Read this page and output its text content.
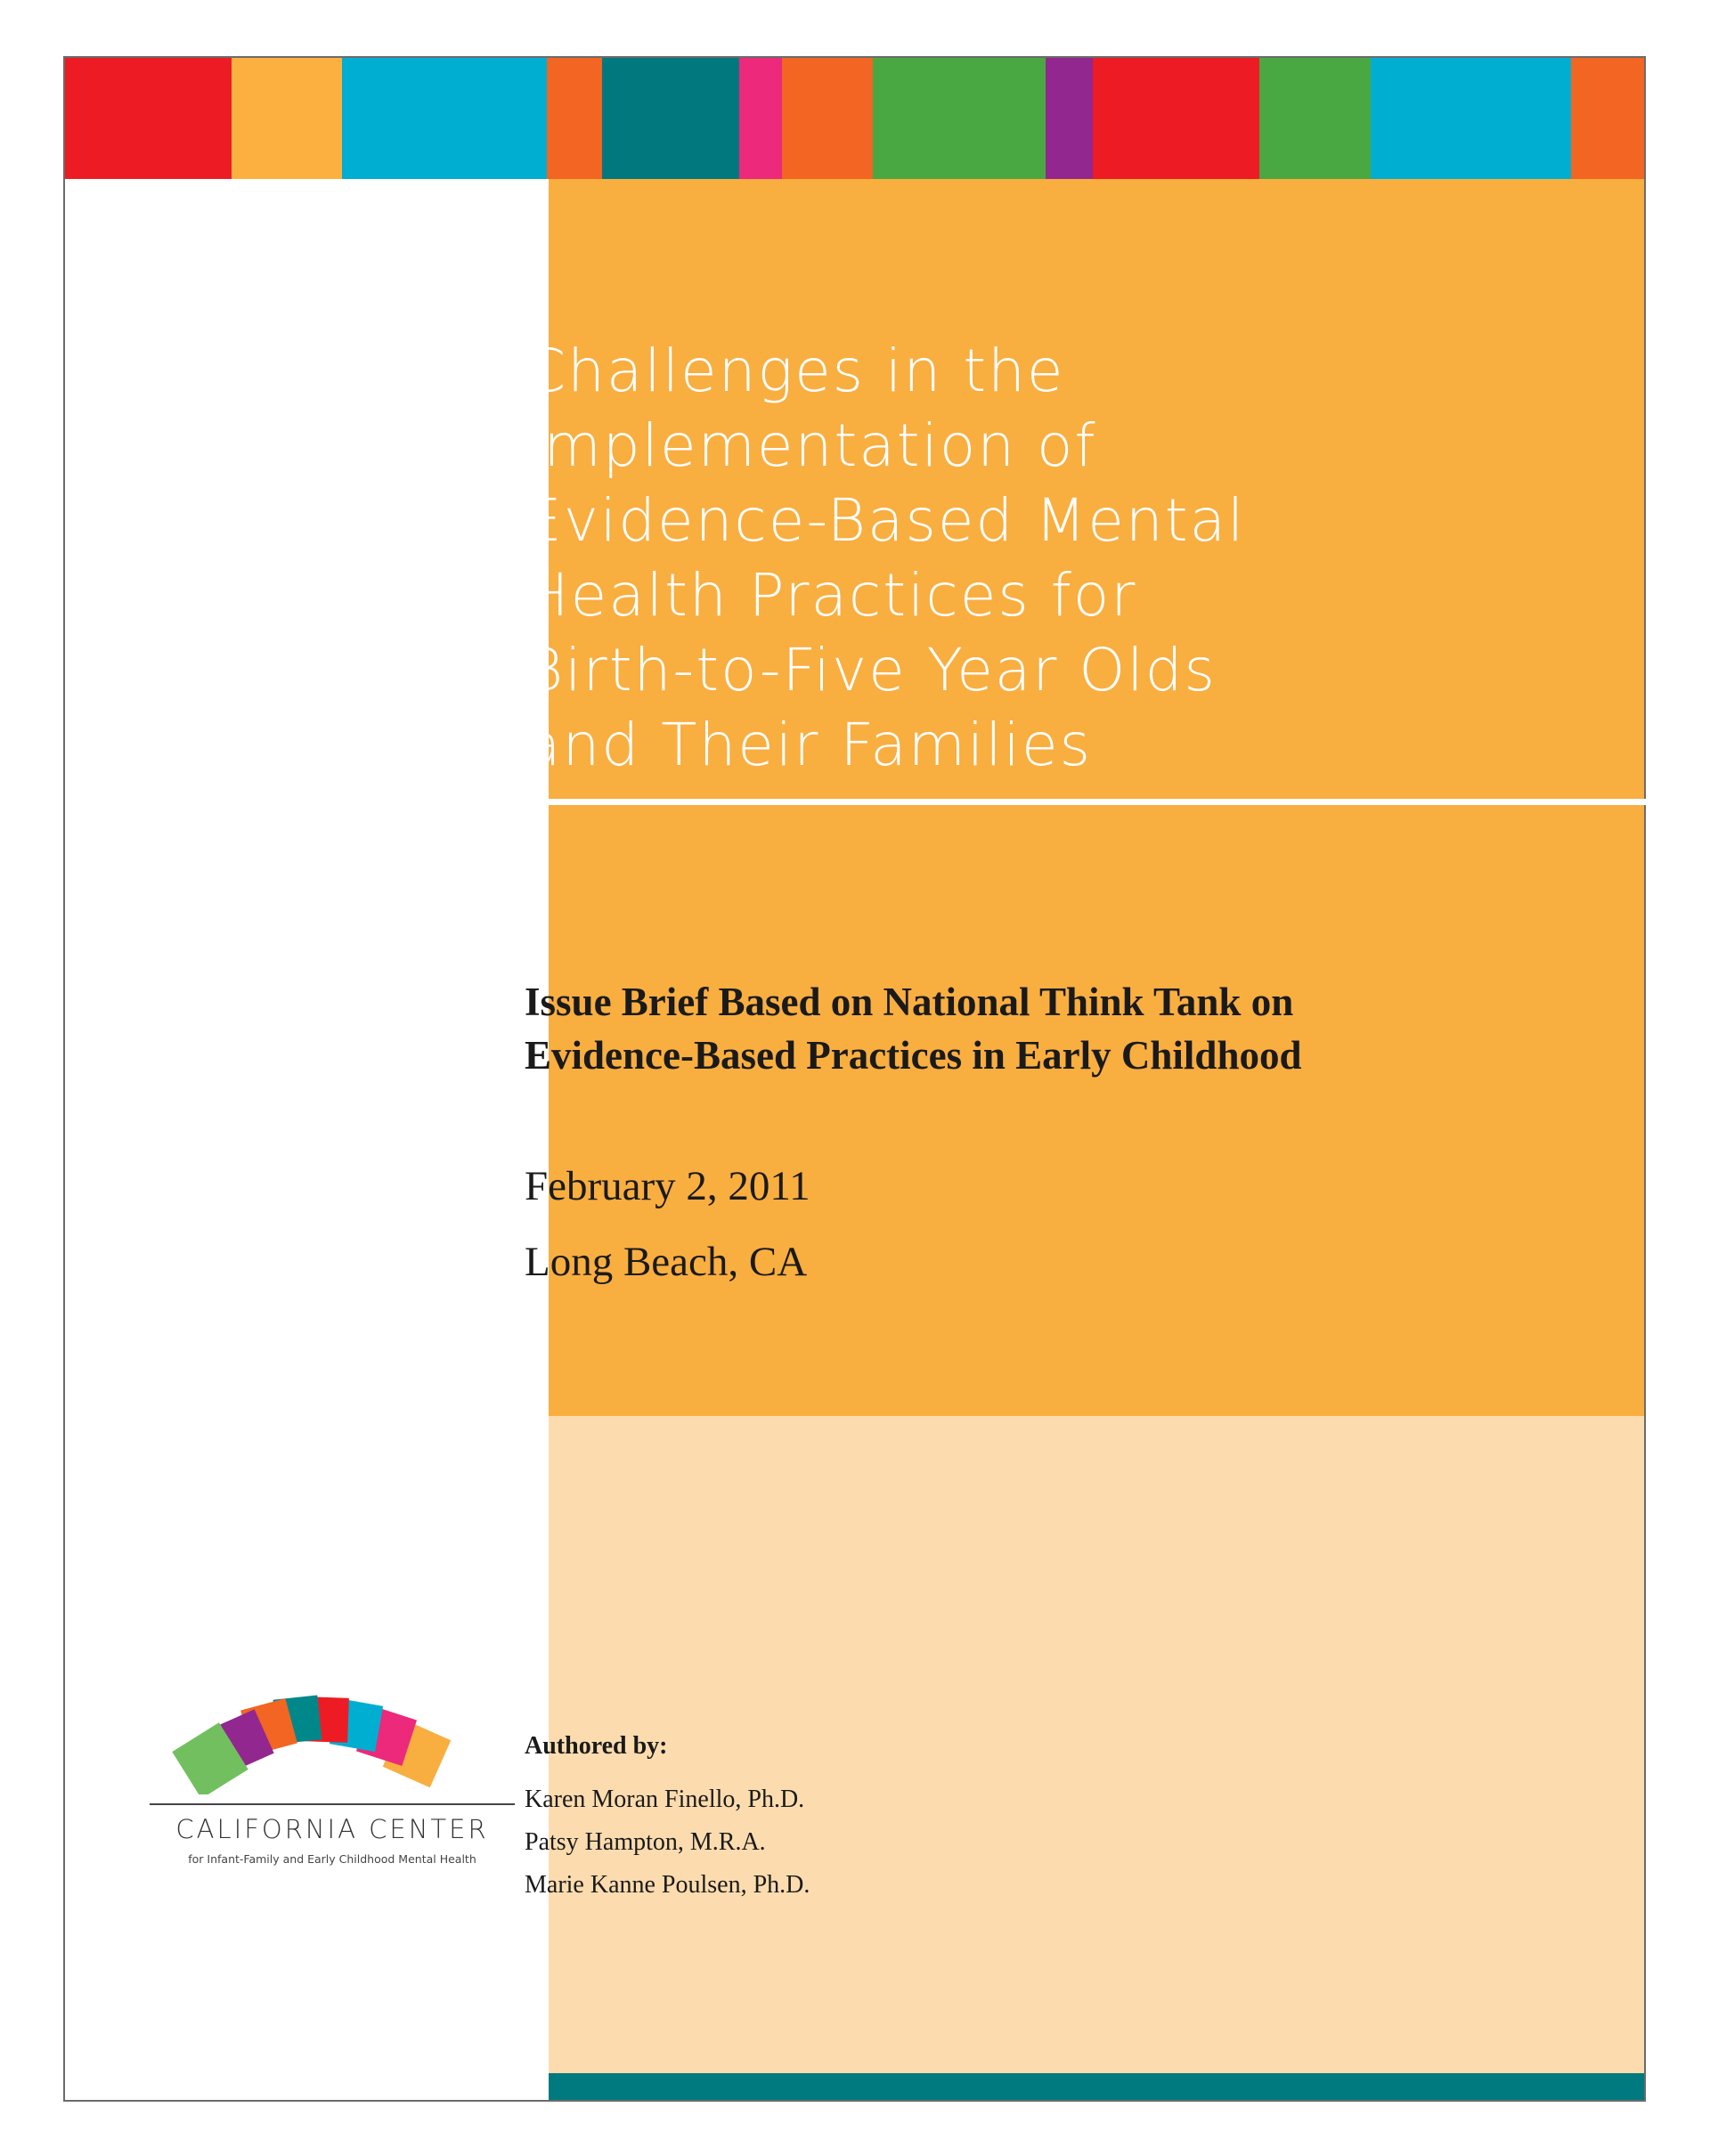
CALIFORNIA CENTER
for Infant-Family and Early Childhood Mental Health
Challenges in the
Implementation of
Evidence-Based Mental
Health Practices for
Birth-to-Five Year Olds
and Their Families
Issue Brief Based on National Think Tank on
Evidence-Based Practices in Early Childhood

February 2, 2011

Long Beach, CA

Authored by:

Karen Moran Finello, Ph.D.
Patsy Hampton, M.R.A.
Marie Kanne Poulsen, Ph.D.
